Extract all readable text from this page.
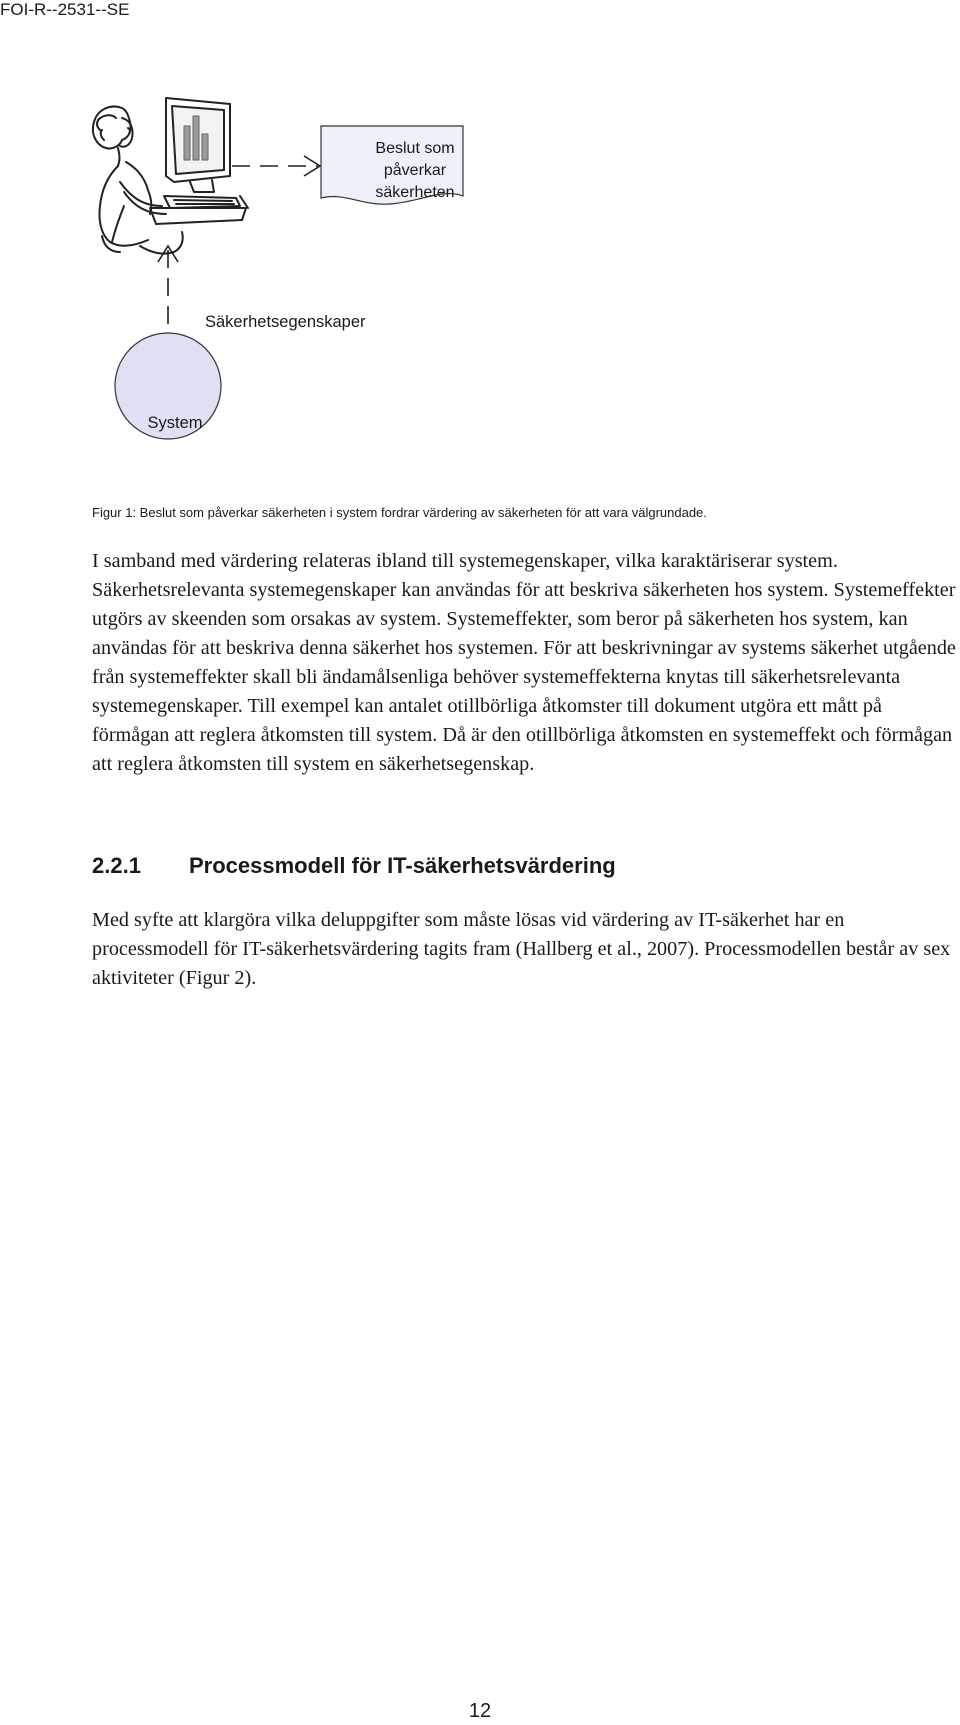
FOI-R--2531--SE
Beslut som påverkar säkerheten
Säkerhetsegenskaper
System
Figur 1: Beslut som påverkar säkerheten i system fordrar värdering av säkerheten för att vara välgrundade.

I samband med värdering relateras ibland till systemegenskaper, vilka karaktäriserar system. Säkerhetsrelevanta systemegenskaper kan användas för att beskriva säkerheten hos system. Systemeffekter utgörs av skeenden som orsakas av system. Systemeffekter, som beror på säkerheten hos system, kan användas för att beskriva denna säkerhet hos systemen. För att beskrivningar av systems säkerhet utgående från systemeffekter skall bli ändamålsenliga behöver systemeffekterna knytas till säkerhetsrelevanta systemegenskaper. Till exempel kan antalet otillbörliga åtkomster till dokument utgöra ett mått på förmågan att reglera åtkomsten till system. Då är den otillbörliga åtkomsten en systemeffekt och förmågan att reglera åtkomsten till system en säkerhetsegenskap.

2.2.1 Processmodell för IT-säkerhetsvärdering

Med syfte att klargöra vilka deluppgifter som måste lösas vid värdering av IT-säkerhet har en processmodell för IT-säkerhetsvärdering tagits fram (Hallberg et al., 2007). Processmodellen består av sex aktiviteter (Figur 2).

12
